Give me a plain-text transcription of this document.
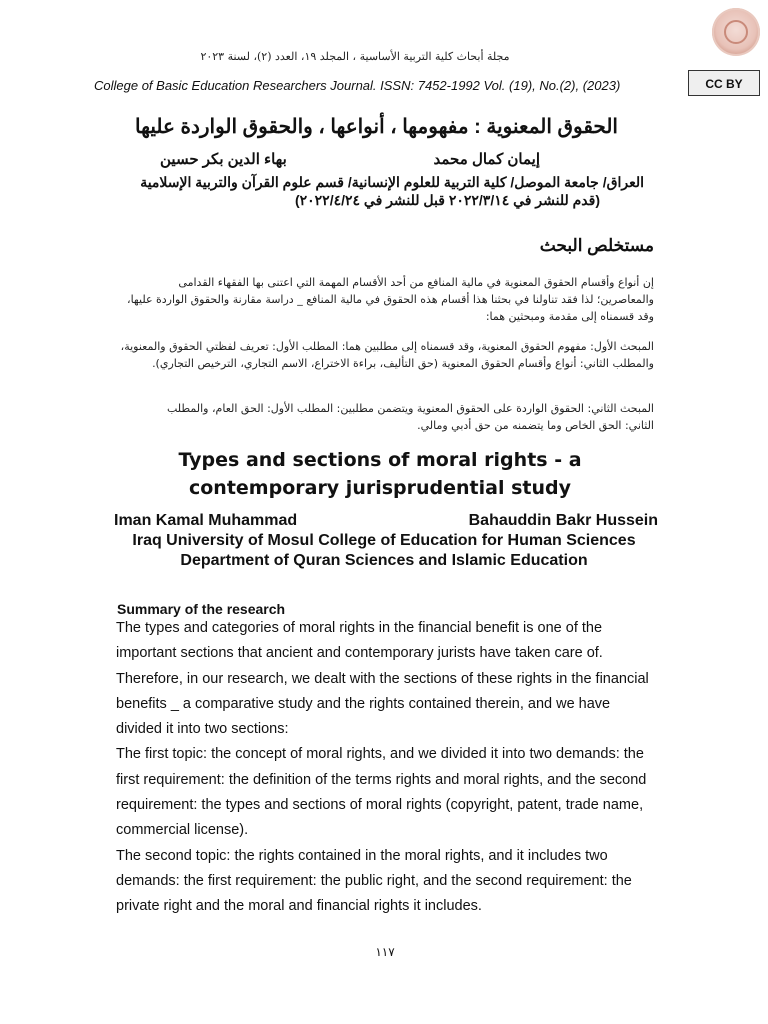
مجلة أبحاث كلية التربية الأساسية ، المجلد ١٩، العدد (٢)، لسنة ٢٠٢٣
College of Basic Education Researchers Journal. ISSN: 7452-1992 Vol. (19), No.(2), (2023)	CC BY
الحقوق المعنوية : مفهومها ، أنواعها ، والحقوق الواردة عليها
إيمان كمال محمد
بهاء الدين بكر حسين
العراق/ جامعة الموصل/ كلية التربية للعلوم الإنسانية/ قسم علوم القرآن والتربية الإسلامية
(قدم للنشر في ٢٠٢٢/٣/١٤ قبل للنشر في ٢٠٢٢/٤/٢٤)
مستخلص البحث
إن أنواع وأقسام الحقوق المعنوية في مالية المنافع من أحد الأقسام المهمة التي اعتنى بها الفقهاء القدامى والمعاصرين؛ لذا فقد تناولنا في بحثنا هذا أقسام هذه الحقوق في مالية المنافع _ دراسة مقارنة والحقوق الواردة عليها، وقد قسمناه إلى مقدمة ومبحثين هما:
المبحث الأول: مفهوم الحقوق المعنوية، وقد قسمناه إلى مطلبين هما: المطلب الأول: تعريف لفظتي الحقوق والمعنوية، والمطلب الثاني: أنواع وأقسام الحقوق المعنوية (حق التأليف، براءة الاختراع، الاسم التجاري، الترخيص التجاري).
المبحث الثاني: الحقوق الواردة على الحقوق المعنوية ويتضمن مطلبين: المطلب الأول: الحق العام، والمطلب الثاني: الحق الخاص وما يتضمنه من حق أدبي ومالي.
Types and sections of moral rights - a contemporary jurisprudential study
Iman Kamal Muhammad	Bahauddin Bakr Hussein
Iraq University of Mosul College of Education for Human Sciences Department of Quran Sciences and Islamic Education
Summary of the research

The types and categories of moral rights in the financial benefit is one of the important sections that ancient and contemporary jurists have taken care of. Therefore, in our research, we dealt with the sections of these rights in the financial benefits _ a comparative study and the rights contained therein, and we have divided it into two sections:

The first topic: the concept of moral rights, and we divided it into two demands: the first requirement: the definition of the terms rights and moral rights, and the second requirement: the types and sections of moral rights (copyright, patent, trade name, commercial license).

The second topic: the rights contained in the moral rights, and it includes two demands: the first requirement: the public right, and the second requirement: the private right and the moral and financial rights it includes.

١١٧
